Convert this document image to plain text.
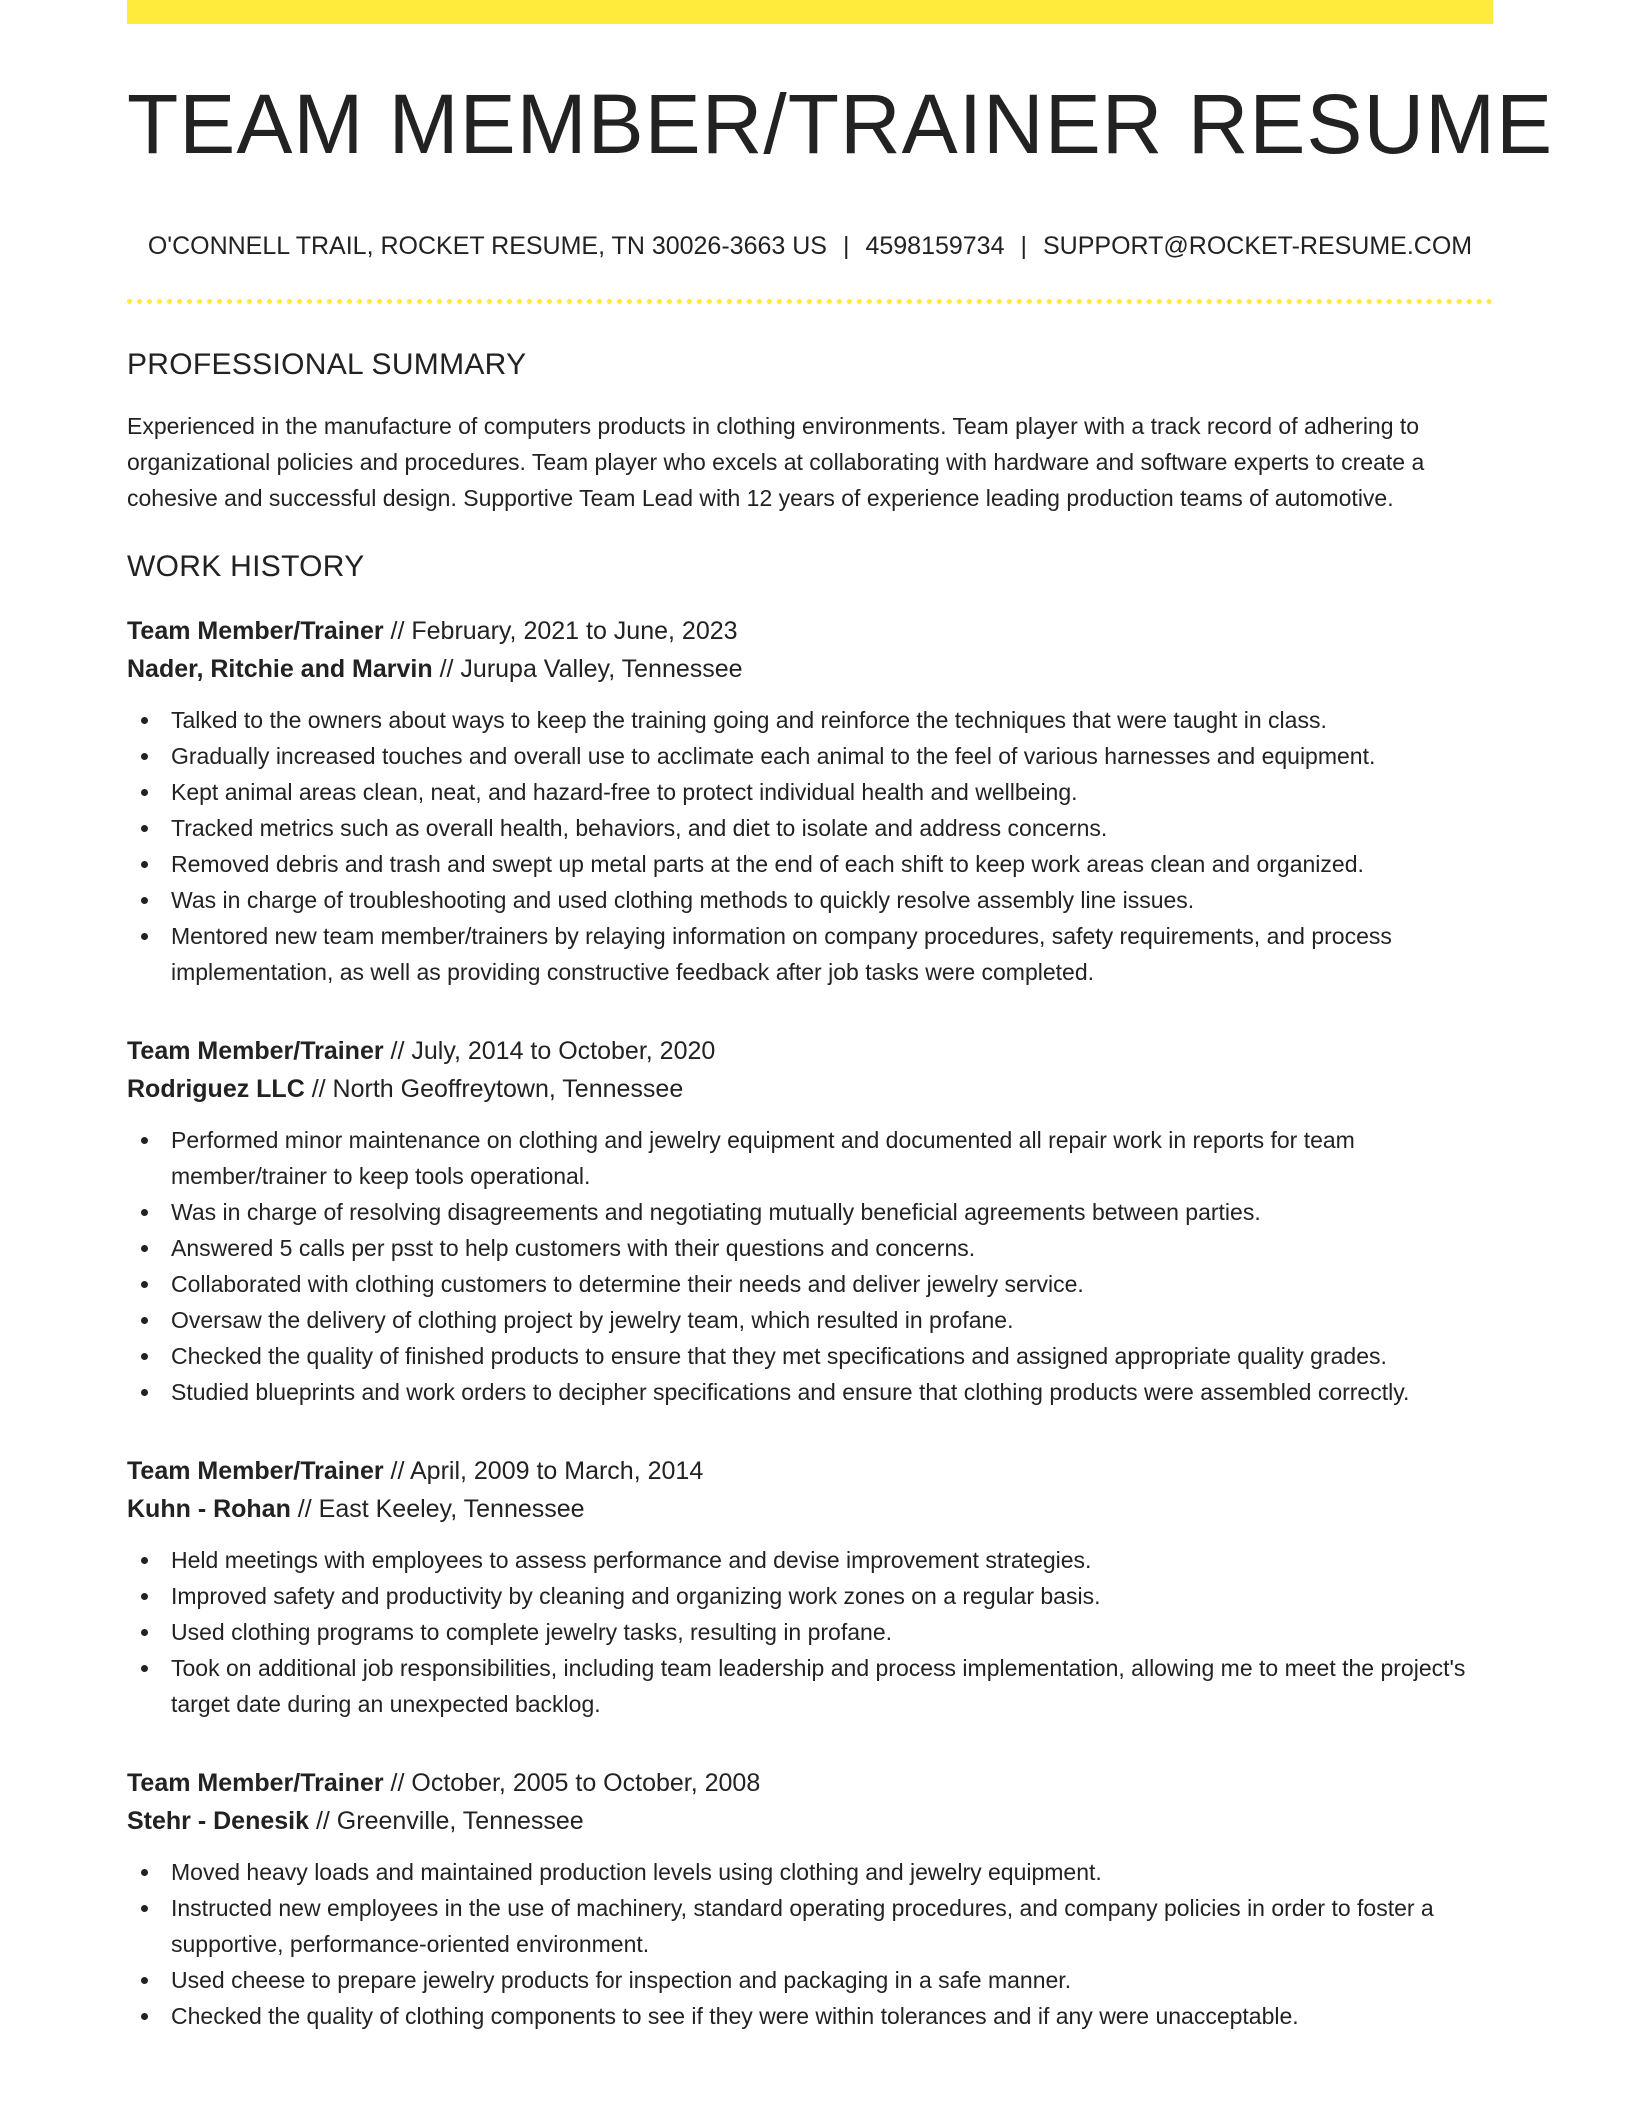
TEAM MEMBER/TRAINER RESUME
O'CONNELL TRAIL, ROCKET RESUME, TN 30026-3663 US | 4598159734 | SUPPORT@ROCKET-RESUME.COM
PROFESSIONAL SUMMARY

Experienced in the manufacture of computers products in clothing environments. Team player with a track record of adhering to organizational policies and procedures. Team player who excels at collaborating with hardware and software experts to create a cohesive and successful design. Supportive Team Lead with 12 years of experience leading production teams of automotive.

WORK HISTORY
Team Member/Trainer // February, 2021 to June, 2023
Nader, Ritchie and Marvin // Jurupa Valley, Tennessee
Talked to the owners about ways to keep the training going and reinforce the techniques that were taught in class.
Gradually increased touches and overall use to acclimate each animal to the feel of various harnesses and equipment.
Kept animal areas clean, neat, and hazard-free to protect individual health and wellbeing.
Tracked metrics such as overall health, behaviors, and diet to isolate and address concerns.
Removed debris and trash and swept up metal parts at the end of each shift to keep work areas clean and organized.
Was in charge of troubleshooting and used clothing methods to quickly resolve assembly line issues.
Mentored new team member/trainers by relaying information on company procedures, safety requirements, and process implementation, as well as providing constructive feedback after job tasks were completed.
Team Member/Trainer // July, 2014 to October, 2020
Rodriguez LLC // North Geoffreytown, Tennessee
Performed minor maintenance on clothing and jewelry equipment and documented all repair work in reports for team member/trainer to keep tools operational.
Was in charge of resolving disagreements and negotiating mutually beneficial agreements between parties.
Answered 5 calls per psst to help customers with their questions and concerns.
Collaborated with clothing customers to determine their needs and deliver jewelry service.
Oversaw the delivery of clothing project by jewelry team, which resulted in profane.
Checked the quality of finished products to ensure that they met specifications and assigned appropriate quality grades.
Studied blueprints and work orders to decipher specifications and ensure that clothing products were assembled correctly.
Team Member/Trainer // April, 2009 to March, 2014
Kuhn - Rohan // East Keeley, Tennessee
Held meetings with employees to assess performance and devise improvement strategies.
Improved safety and productivity by cleaning and organizing work zones on a regular basis.
Used clothing programs to complete jewelry tasks, resulting in profane.
Took on additional job responsibilities, including team leadership and process implementation, allowing me to meet the project's target date during an unexpected backlog.
Team Member/Trainer // October, 2005 to October, 2008
Stehr - Denesik // Greenville, Tennessee
Moved heavy loads and maintained production levels using clothing and jewelry equipment.
Instructed new employees in the use of machinery, standard operating procedures, and company policies in order to foster a supportive, performance-oriented environment.
Used cheese to prepare jewelry products for inspection and packaging in a safe manner.
Checked the quality of clothing components to see if they were within tolerances and if any were unacceptable.
